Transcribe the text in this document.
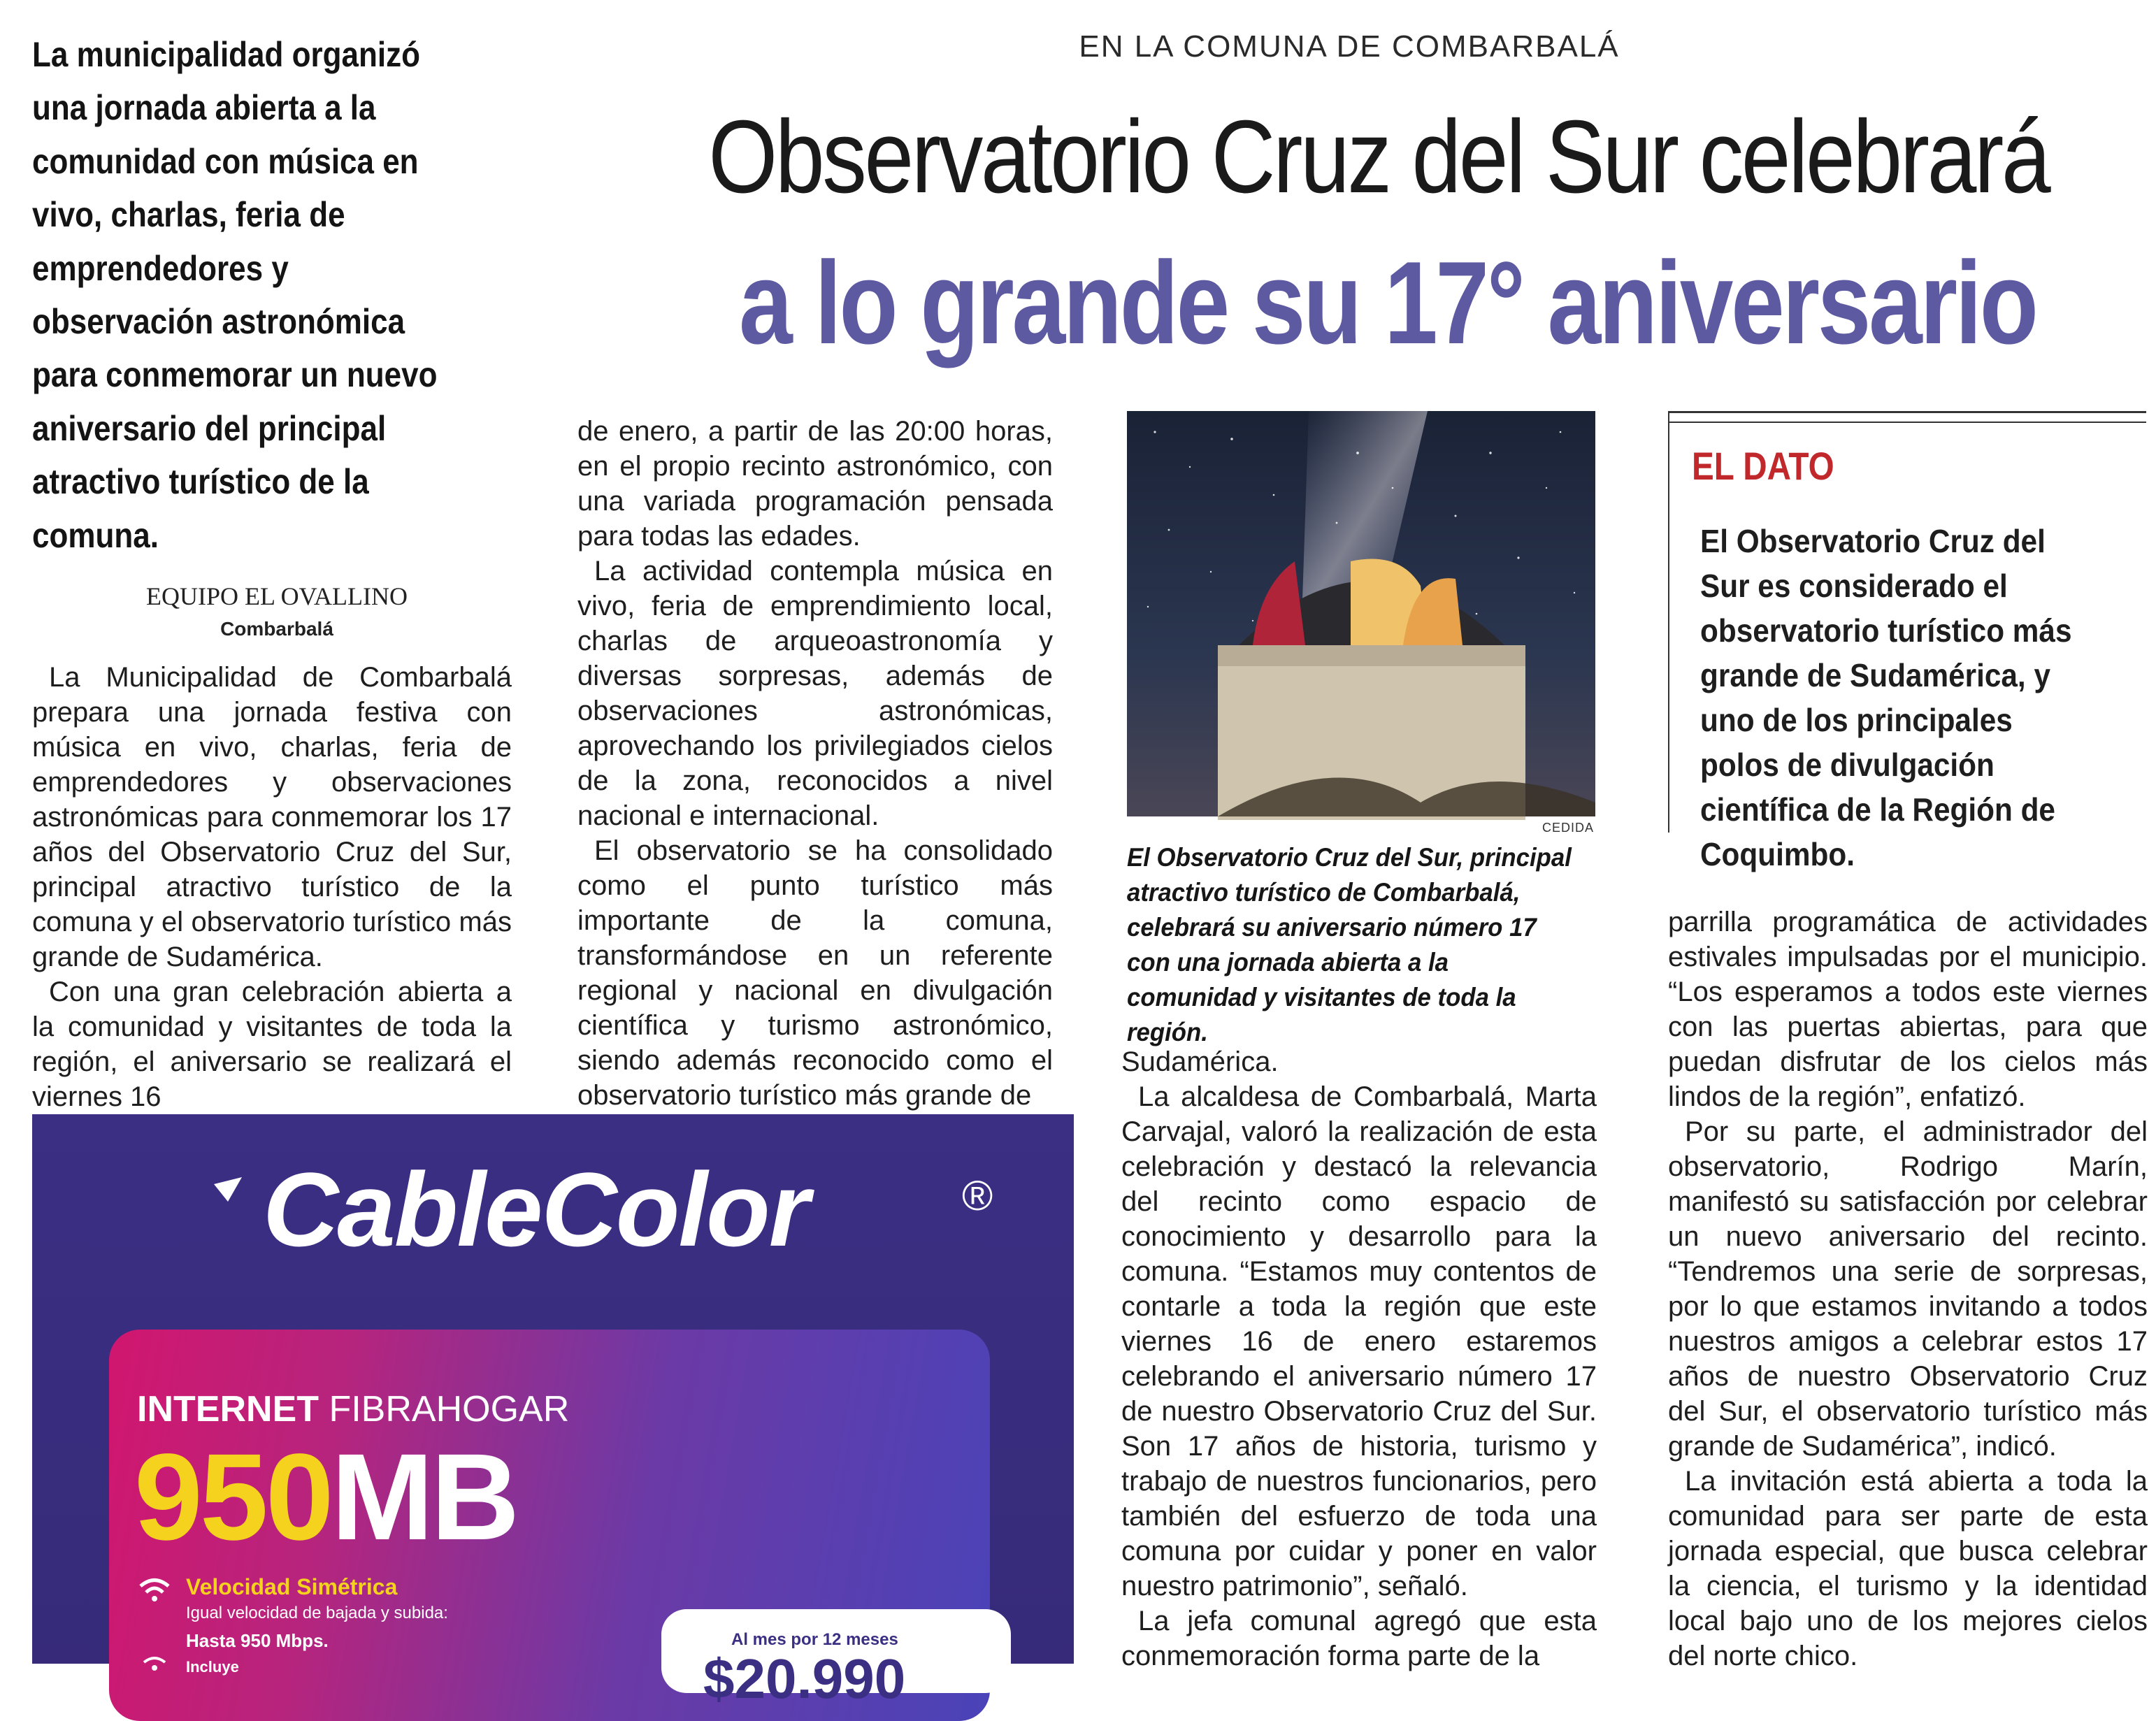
EN LA COMUNA DE COMBARBALÁ
Observatorio Cruz del Sur celebrará
a lo grande su 17° aniversario
La municipalidad organizó una jornada abierta a la comunidad con música en vivo, charlas, feria de emprendedores y observación astronómica para conmemorar un nuevo aniversario del principal atractivo turístico de la comuna.
EQUIPO EL OVALLINO
Combarbalá

La Municipalidad de Combarbalá prepara una jornada festiva con música en vivo, charlas, feria de emprendedores y observaciones astronómicas para conmemorar los 17 años del Observatorio Cruz del Sur, principal atractivo turístico de la comuna y el observatorio turístico más grande de Sudamérica.

Con una gran celebración abierta a la comunidad y visitantes de toda la región, el aniversario se realizará el viernes 16

de enero, a partir de las 20:00 horas, en el propio recinto astronómico, con una variada programación pensada para todas las edades.

La actividad contempla música en vivo, feria de emprendimiento local, charlas de arqueoastronomía y diversas sorpresas, además de observaciones astronómicas, aprovechando los privilegiados cielos de la zona, reconocidos a nivel nacional e internacional.

El observatorio se ha consolidado como el punto turístico más importante de la comuna, transformándose en un referente regional y nacional en divulgación científica y turismo astronómico, siendo además reconocido como el observatorio turístico más grande de

CEDIDA
El Observatorio Cruz del Sur, principal atractivo turístico de Combarbalá, celebrará su aniversario número 17 con una jornada abierta a la comunidad y visitantes de toda la región.
EL DATO
El Observatorio Cruz del Sur es considerado el observatorio turístico más grande de Sudamérica, y uno de los principales polos de divulgación científica de la Región de Coquimbo.

Sudamérica.

La alcaldesa de Combarbalá, Marta Carvajal, valoró la realización de esta celebración y destacó la relevancia del recinto como espacio de conocimiento y desarrollo para la comuna. “Estamos muy contentos de contarle a toda la región que este viernes 16 de enero estaremos celebrando el aniversario número 17 de nuestro Observatorio Cruz del Sur. Son 17 años de historia, turismo y trabajo de nuestros funcionarios, pero también del esfuerzo de toda una comuna por cuidar y poner en valor nuestro patrimonio”, señaló.

La jefa comunal agregó que esta conmemoración forma parte de la

parrilla programática de actividades estivales impulsadas por el municipio. “Los esperamos a todos este viernes con las puertas abiertas, para que puedan disfrutar de los cielos más lindos de la región”, enfatizó.

Por su parte, el administrador del observatorio, Rodrigo Marín, manifestó su satisfacción por celebrar un nuevo aniversario del recinto. “Tendremos una serie de sorpresas, por lo que estamos invitando a todos nuestros amigos a celebrar estos 17 años de nuestro Observatorio Cruz del Sur, el observatorio turístico más grande de Sudamérica”, indicó.

La invitación está abierta a toda la comunidad para ser parte de esta jornada especial, que busca celebrar la ciencia, el turismo y la identidad local bajo uno de los mejores cielos del norte chico.

CableColor	®
INTERNET FIBRAHOGAR
950MB
Velocidad Simétrica
Igual velocidad de bajada y subida:
Hasta 950 Mbps.
Incluye
Al mes por 12 meses
$20.990
